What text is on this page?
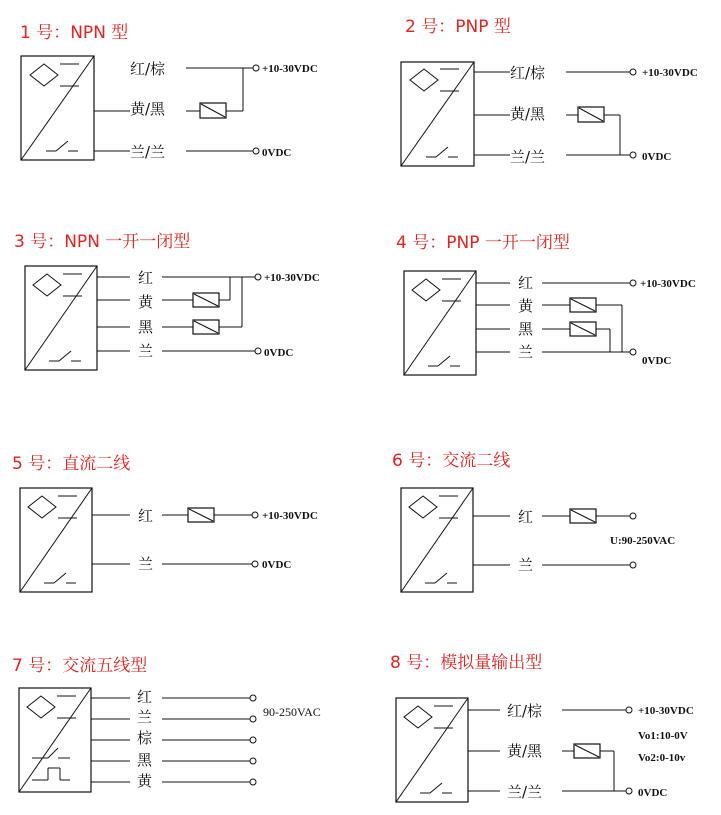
1 号：NPN 型
红/棕
黄/黑
兰/兰
+10-30VDC
0VDC
2 号：PNP 型
红/棕
黄/黑
兰/兰
+10-30VDC
0VDC
3 号：NPN 一开一闭型
红
黄
黑
兰
+10-30VDC
0VDC
4 号：PNP 一开一闭型
红
黄
黑
兰
+10-30VDC
0VDC
5 号：直流二线
红
兰
+10-30VDC
0VDC
6 号：交流二线
红
兰
U:90-250VAC
7 号：交流五线型
红
兰
棕
黑
黄
90-250VAC
8 号：模拟量输出型
红/棕
黄/黑
兰/兰
+10-30VDC
Vo1:10-0V
Vo2:0-10v
0VDC
